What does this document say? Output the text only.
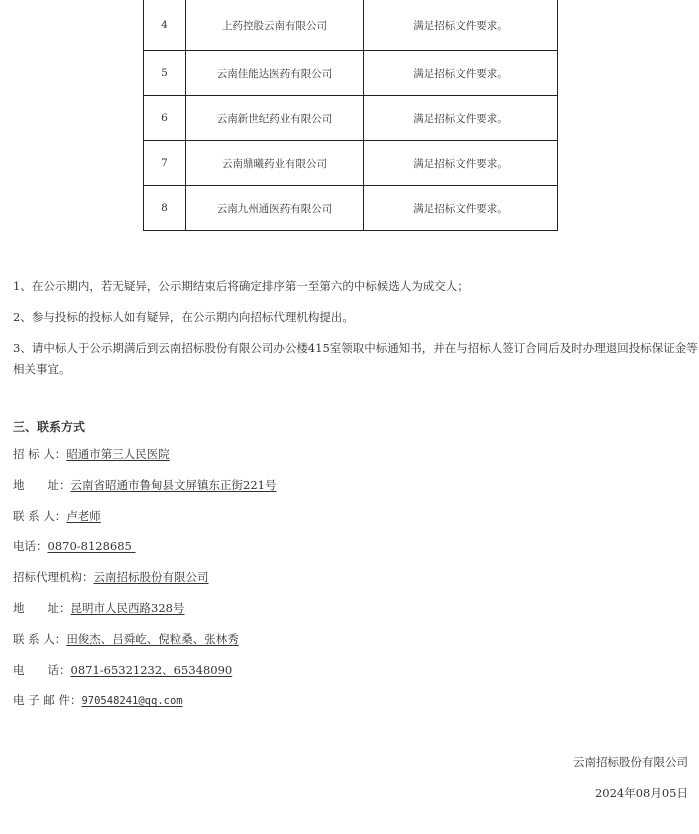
4	上药控股云南有限公司	满足招标文件要求。
5	云南佳能达医药有限公司	满足招标文件要求。
6	云南新世纪药业有限公司	满足招标文件要求。
7	云南鼎曦药业有限公司	满足招标文件要求。
8	云南九州通医药有限公司	满足招标文件要求。
1、在公示期内，若无疑异，公示期结束后将确定排序第一至第六的中标候选人为成交人；
2、参与投标的投标人如有疑异，在公示期内向招标代理机构提出。
3、请中标人于公示期满后到云南招标股份有限公司办公楼415室领取中标通知书，并在与招标人签订合同后及时办理退回投标保证金等相关事宜。
三、联系方式
招 标 人：昭通市第三人民医院
地　　址：云南省昭通市鲁甸县文屏镇东正街221号
联 系 人：卢老师
电话：0870-8128685
招标代理机构：云南招标股份有限公司
地　　址：昆明市人民西路328号
联 系 人：田俊杰、吕舜屹、倪粒桑、张林秀
电　　话：0871-65321232、65348090
电 子 邮 件：970548241@qq.com
云南招标股份有限公司
2024年08月05日
